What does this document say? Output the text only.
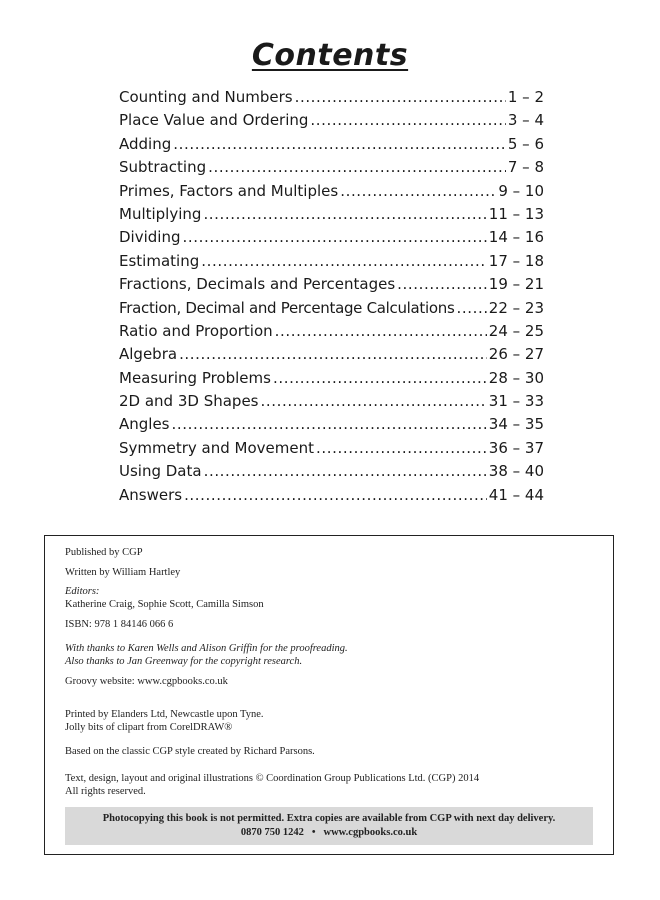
Contents
Counting and Numbers .....	1 – 2
Place Value and Ordering .....	3 – 4
Adding .....	5 – 6
Subtracting .....	7 – 8
Primes, Factors and Multiples .....	9 – 10
Multiplying .....	11 – 13
Dividing .....	14 – 16
Estimating .....	17 – 18
Fractions, Decimals and Percentages .....	19 – 21
Fraction, Decimal and Percentage Calculations ..... 22 – 23
Ratio and Proportion .....	24 – 25
Algebra .....	26 – 27
Measuring Problems .....	28 – 30
2D and 3D Shapes .....	31 – 33
Angles .....	34 – 35
Symmetry and Movement .....	36 – 37
Using Data .....	38 – 40
Answers .....	41 – 44
Published by CGP
Written by William Hartley
Editors:
Katherine Craig, Sophie Scott, Camilla Simson
ISBN: 978 1 84146 066 6
With thanks to Karen Wells and Alison Griffin for the proofreading.
Also thanks to Jan Greenway for the copyright research.
Groovy website: www.cgpbooks.co.uk
Printed by Elanders Ltd, Newcastle upon Tyne.
Jolly bits of clipart from CorelDRAW®
Based on the classic CGP style created by Richard Parsons.
Text, design, layout and original illustrations © Coordination Group Publications Ltd. (CGP) 2014
All rights reserved.
Photocopying this book is not permitted. Extra copies are available from CGP with next day delivery.
0870 750 1242 • www.cgpbooks.co.uk
